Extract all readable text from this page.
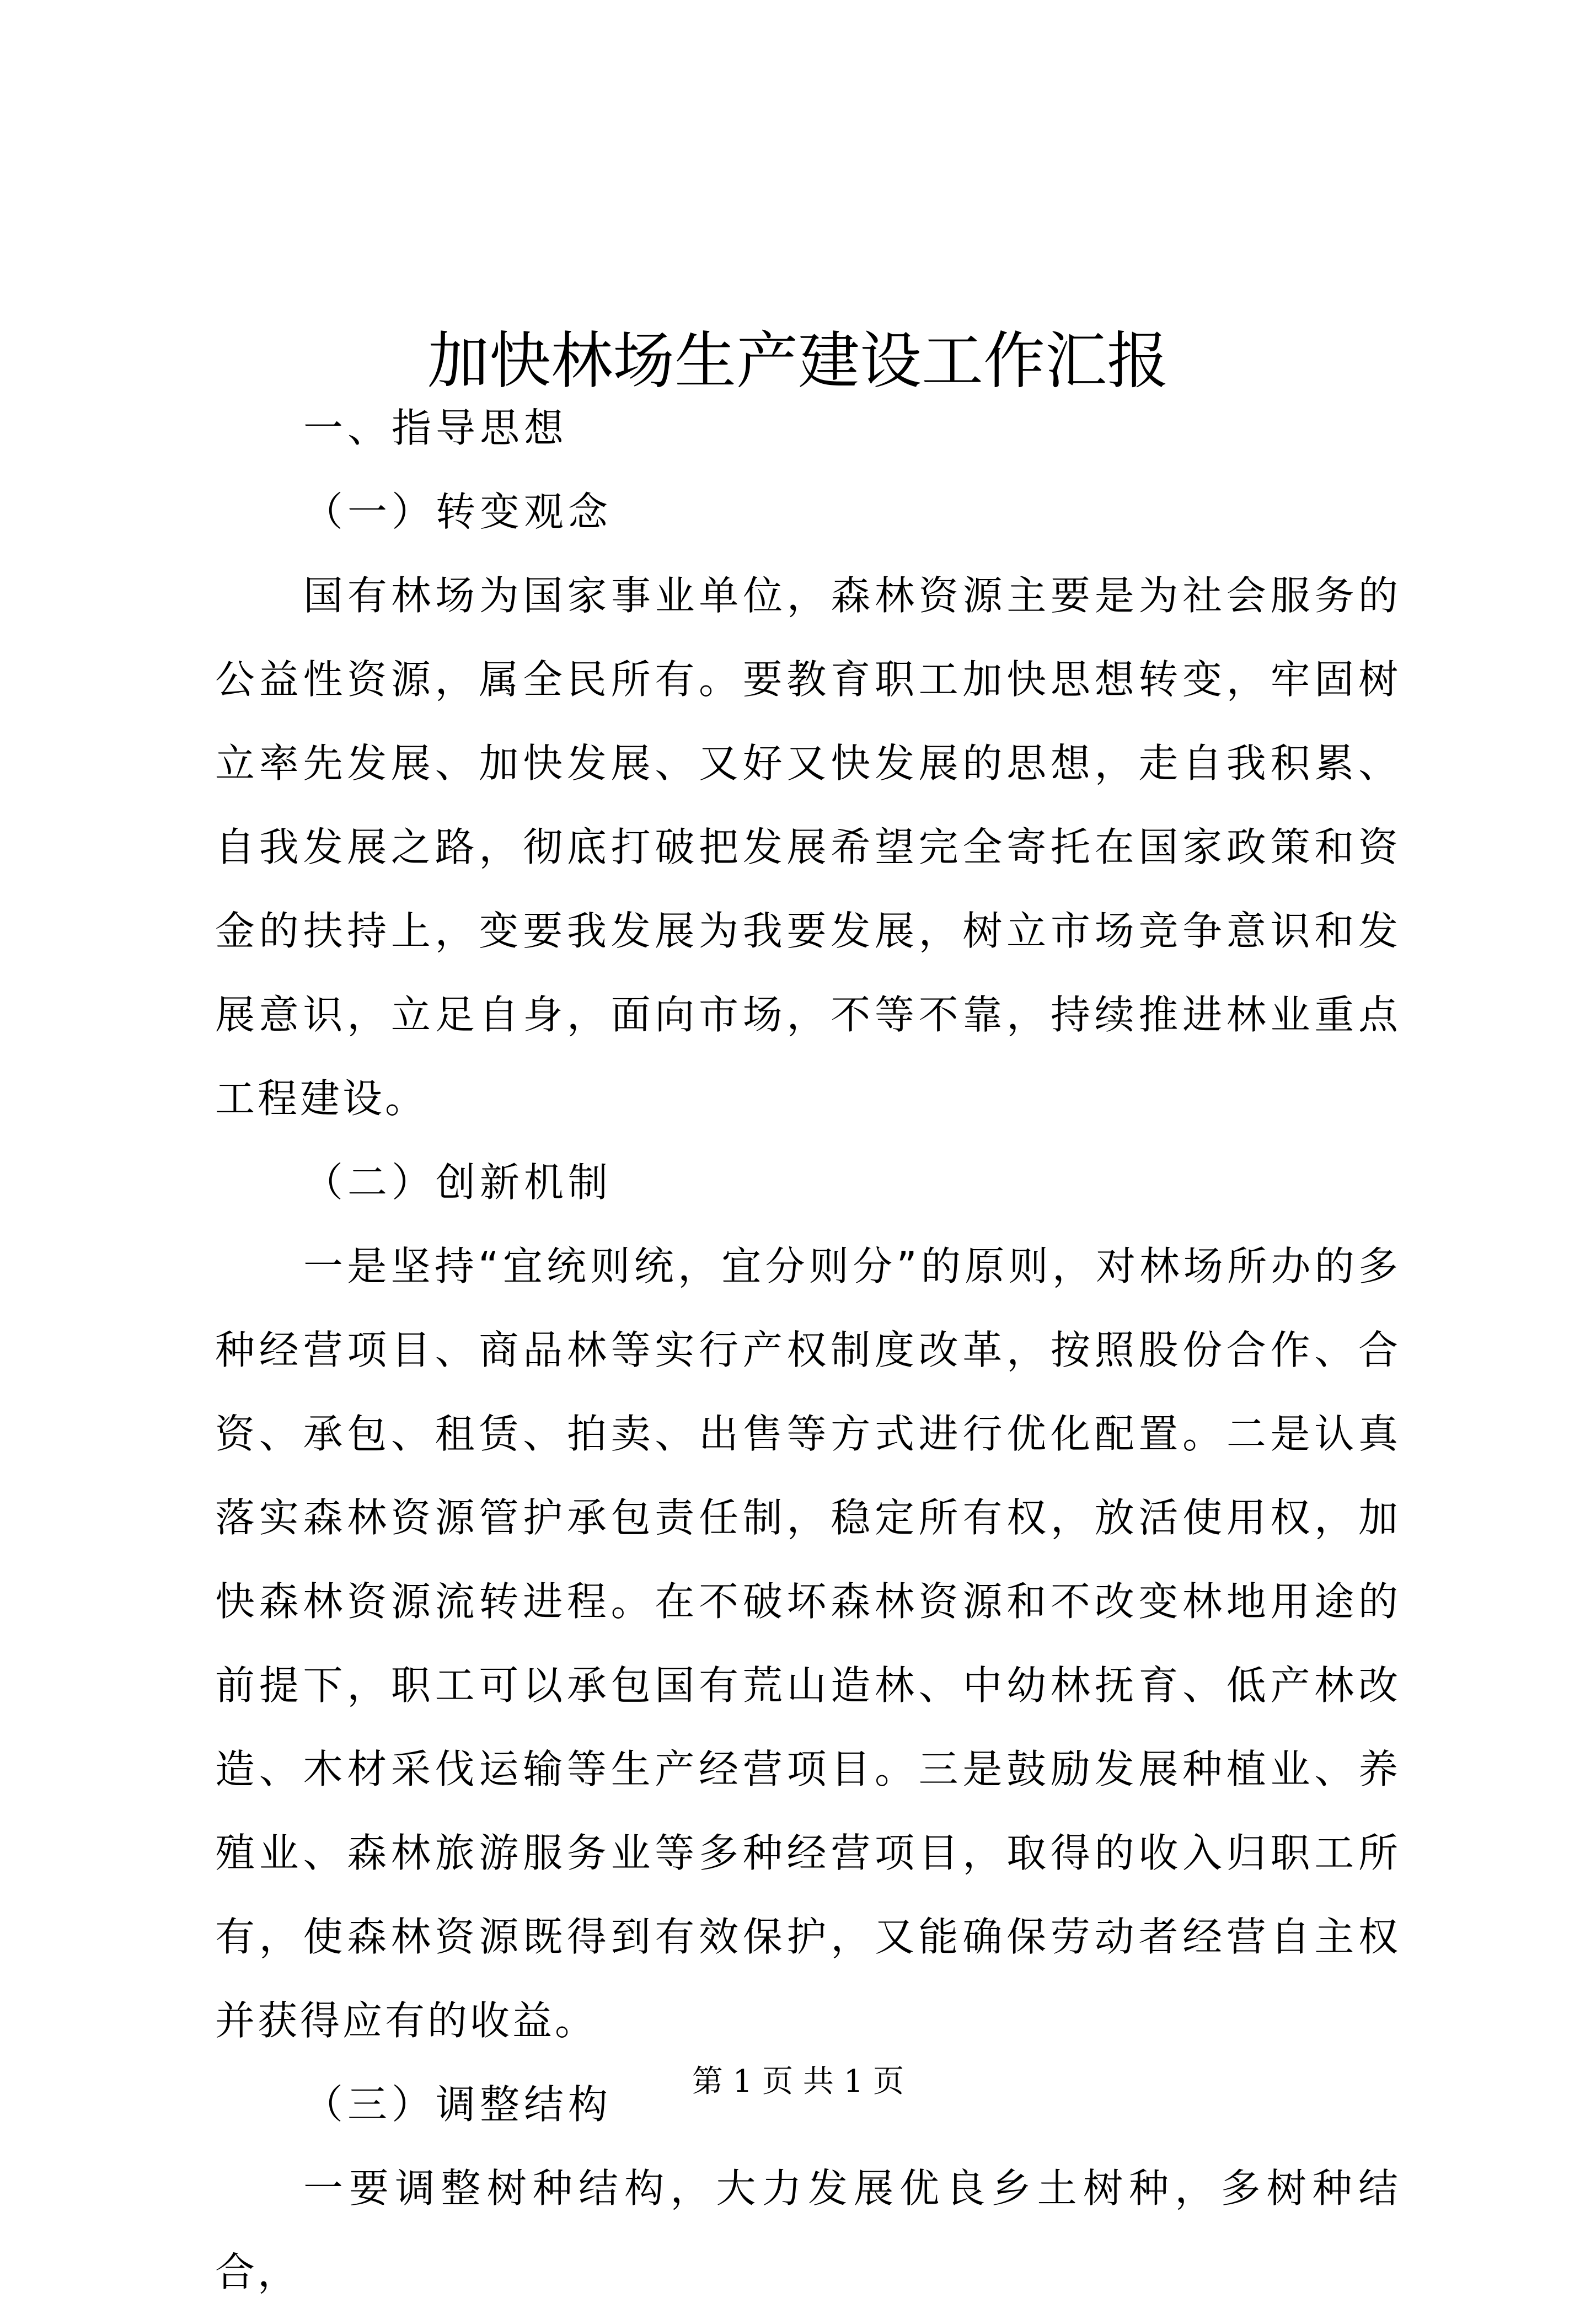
加快林场生产建设工作汇报

一、指导思想

（一）转变观念

国有林场为国家事业单位，森林资源主要是为社会服务的公益性资源，属全民所有。要教育职工加快思想转变，牢固树立率先发展、加快发展、又好又快发展的思想，走自我积累、自我发展之路，彻底打破把发展希望完全寄托在国家政策和资金的扶持上，变要我发展为我要发展，树立市场竞争意识和发展意识，立足自身，面向市场，不等不靠，持续推进林业重点工程建设。

（二）创新机制

一是坚持“宜统则统，宜分则分”的原则，对林场所办的多种经营项目、商品林等实行产权制度改革，按照股份合作、合资、承包、租赁、拍卖、出售等方式进行优化配置。二是认真落实森林资源管护承包责任制，稳定所有权，放活使用权，加快森林资源流转进程。在不破坏森林资源和不改变林地用途的前提下，职工可以承包国有荒山造林、中幼林抚育、低产林改造、木材采伐运输等生产经营项目。三是鼓励发展种植业、养殖业、森林旅游服务业等多种经营项目，取得的收入归职工所有，使森林资源既得到有效保护，又能确保劳动者经营自主权并获得应有的收益。

（三）调整结构

一要调整树种结构，大力发展优良乡土树种，多树种结合，

第 1 页 共 1 页
